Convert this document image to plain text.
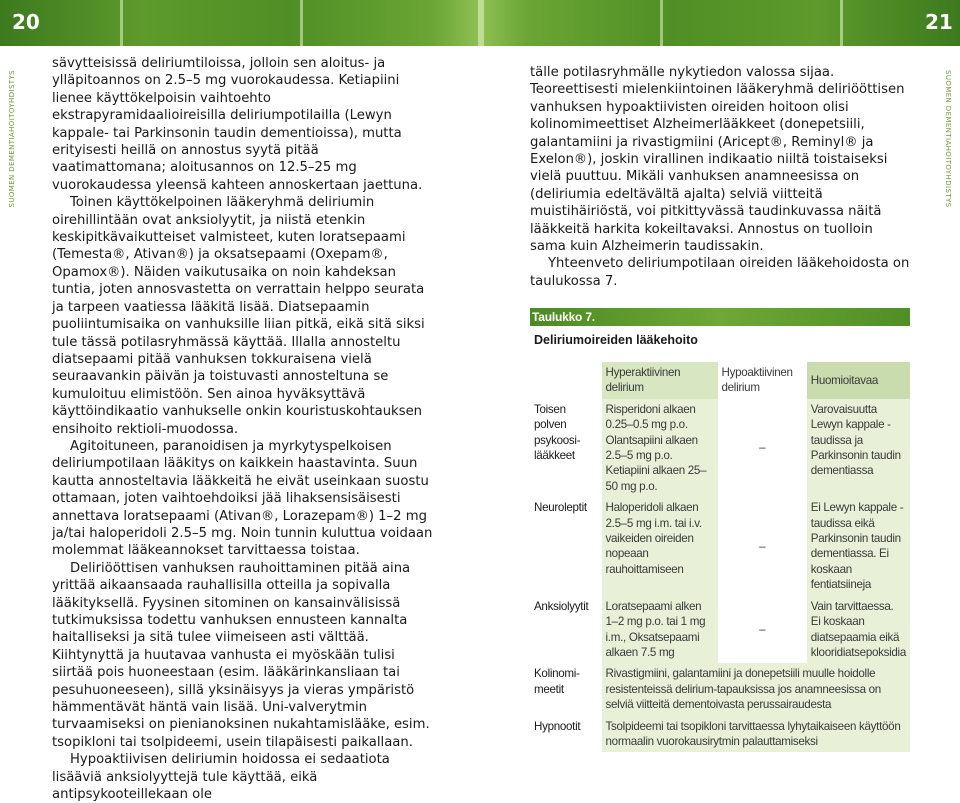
20	21
SUOMEN DEMENTIAHOITOYHDISTYS	SUOMEN DEMENTIAHOITOYHDISTYS

sävytteisissä deliriumtiloissa, jolloin sen aloitus- ja ylläpitoannos on 2.5–5 mg vuorokaudessa. Ketiapiini lienee käyttökelpoisin vaihtoehto ekstrapyramidaalioireisilla deliriumpotilailla (Lewyn kappale- tai Parkinsonin taudin dementioissa), mutta erityisesti heillä on annostus syytä pitää vaatimattomana; aloitusannos on 12.5–25 mg vuorokaudessa yleensä kahteen annoskertaan jaettuna.

Toinen käyttökelpoinen lääkeryhmä deliriumin oirehillintään ovat anksiolyytit, ja niistä etenkin keskipitkävaikutteiset valmisteet, kuten loratsepaami (Temesta®, Ativan®) ja oksatsepaami (Oxepam®, Opamox®). Näiden vaikutusaika on noin kahdeksan tuntia, joten annosvastetta on verrattain helppo seurata ja tarpeen vaatiessa lääkitä lisää. Diatsepaamin puoliintumisaika on vanhuksille liian pitkä, eikä sitä siksi tule tässä potilasryhmässä käyttää. Illalla annosteltu diatsepaami pitää vanhuksen tokkuraisena vielä seuraavankin päivän ja toistuvasti annosteltuna se kumuloituu elimistöön. Sen ainoa hyväksyttävä käyttöindikaatio vanhukselle onkin kouristuskohtauksen ensihoito rektioli-muodossa.

Agitoituneen, paranoidisen ja myrkytyspelkoisen deliriumpotilaan lääkitys on kaikkein haastavinta. Suun kautta annosteltavia lääkkeitä he eivät useinkaan suostu ottamaan, joten vaihtoehdoiksi jää lihaksensisäisesti annettava loratsepaami (Ativan®, Lorazepam®) 1–2 mg ja/tai haloperidoli 2.5–5 mg. Noin tunnin kuluttua voidaan molemmat lääkeannokset tarvittaessa toistaa.

Deliriööttisen vanhuksen rauhoittaminen pitää aina yrittää aikaansaada rauhallisilla otteilla ja sopivalla lääkityksellä. Fyysinen sitominen on kansainvälisissä tutkimuksissa todettu vanhuksen ennusteen kannalta haitalliseksi ja sitä tulee viimeiseen asti välttää. Kiihtynyttä ja huutavaa vanhusta ei myöskään tulisi siirtää pois huoneestaan (esim. lääkärinkansliaan tai pesuhuoneeseen), sillä yksinäisyys ja vieras ympäristö hämmentävät häntä vain lisää. Uni-valverytmin turvaamiseksi on pienianoksinen nukahtamislääke, esim. tsopikloni tai tsolpideemi, usein tilapäisesti paikallaan.

Hypoaktiivisen deliriumin hoidossa ei sedaatiota lisääviä anksiolyyttejä tule käyttää, eikä antipsykooteillekaan ole

tälle potilasryhmälle nykytiedon valossa sijaa. Teoreettisesti mielenkiintoinen lääkeryhmä deliriööttisen vanhuksen hypoaktiivisten oireiden hoitoon olisi kolinomimeettiset Alzheimerlääkkeet (donepetsiili, galantamiini ja rivastigmiini (Aricept®, Reminyl® ja Exelon®), joskin virallinen indikaatio niiltä toistaiseksi vielä puuttuu. Mikäli vanhuksen anamneesissa on (deliriumia edeltävältä ajalta) selviä viitteitä muistihäiriöstä, voi pitkittyvässä taudinkuvassa näitä lääkkeitä harkita kokeiltavaksi. Annostus on tuolloin sama kuin Alzheimerin taudissakin.

Yhteenveto deliriumpotilaan oireiden lääkehoidosta on taulukossa 7.

Taulukko 7.
Deliriumoireiden lääkehoito
	Hyperaktiivinen delirium	Hypoaktiivinen delirium	Huomioitavaa
Toisen polven psykoosi-lääkkeet	Risperidoni alkaen 0.25–0.5 mg p.o. Olantsapiini alkaen 2.5–5 mg p.o. Ketiapiini alkaen 25–50 mg p.o.	–	Varovaisuutta Lewyn kappale -taudissa ja Parkinsonin taudin dementiassa
Neuroleptit	Haloperidoli alkaen 2.5–5 mg i.m. tai i.v. vaikeiden oireiden nopeaan rauhoittamiseen	–	Ei Lewyn kappale -taudissa eikä Parkinsonin taudin dementiassa. Ei koskaan fentiatsiineja
Anksiolyytit	Loratsepaami alken 1–2 mg p.o. tai 1 mg i.m., Oksatsepaami alkaen 7.5 mg	–	Vain tarvittaessa. Ei koskaan diatsepaamia eikä klooridiatsepoksidia
Kolinomi-meetit	Rivastigmiini, galantamiini ja donepetsiili muulle hoidolle resistenteissä delirium-tapauksissa jos anamneesissa on selviä viitteitä dementoivasta perussairaudesta		
Hypnootit	Tsolpideemi tai tsopikloni tarvittaessa lyhytaikaiseen käyttöön normaalin vuorokausirytmin palauttamiseksi		
